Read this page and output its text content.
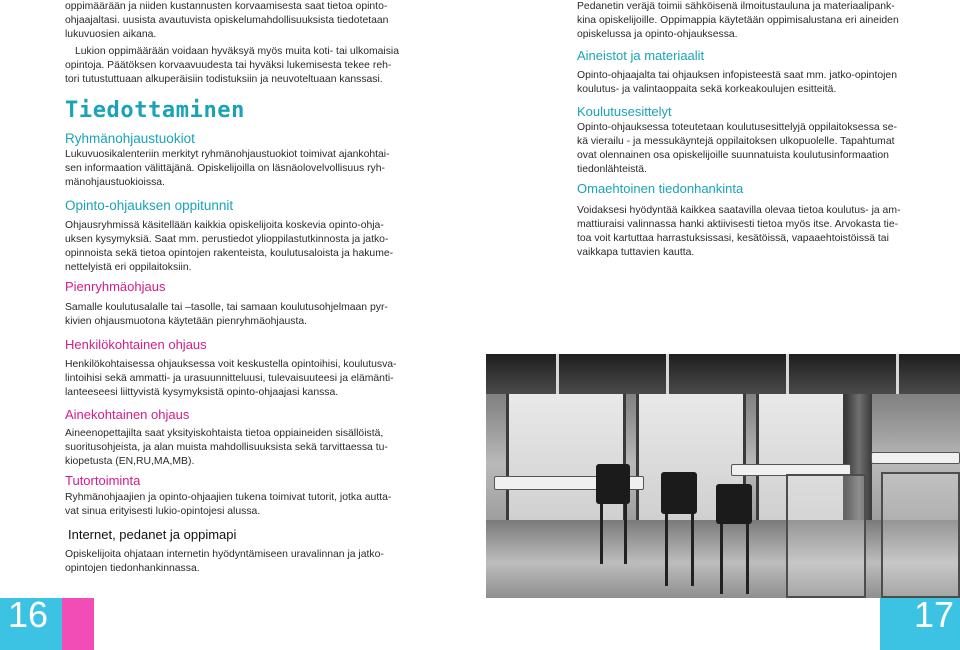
oppimäärään ja niiden kustannusten korvaamisesta saat tietoa opinto-
ohjaajaltasi. uusista avautuvista opiskelumahdollisuuksista tiedotetaan
lukuvuosien aikana.
Lukion oppimäärään voidaan hyväksyä myös muita koti- tai ulkomaisia
opintoja. Päätöksen korvaavuudesta tai hyväksi lukemisesta tekee reh-
tori tutustuttuaan alkuperäisiin todistuksiin ja neuvoteltuaan kanssasi.
Tiedottaminen
Ryhmänohjaustuokiot
Lukuvuosikalenteriin merkityt ryhmänohjaustuokiot toimivat ajankohtai-
sen informaation välittäjänä. Opiskelijoilla on läsnäolovelvollisuus ryh-
mänohjaustuokioissa.
Opinto-ohjauksen oppitunnit
Ohjausryhmissä käsitellään kaikkia opiskelijoita koskevia opinto-ohja-
uksen kysymyksiä. Saat mm. perustiedot ylioppilastutkinnosta ja jatko-
opinnoista sekä tietoa opintojen rakenteista, koulutusaloista ja hakume-
nettelyistä eri oppilaitoksiin.
Pienryhmäohjaus
Samalle koulutusalalle tai –tasolle, tai samaan koulutusohjelmaan pyr-
kivien ohjausmuotona käytetään pienryhmäohjausta.
Henkilökohtainen ohjaus
Henkilökohtaisessa ohjauksessa voit keskustella opintoihisi, koulutusva-
lintoihisi sekä ammatti- ja urasuunnitteluusi, tulevaisuuteesi ja elämänti-
lanteeseesi liittyvistä kysymyksistä opinto-ohjaajasi kanssa.
Ainekohtainen ohjaus
Aineenopettajilta saat yksityiskohtaista tietoa oppiaineiden sisällöistä,
suoritusohjeista, ja alan muista mahdollisuuksista sekä tarvittaessa tu-
kiopetusta (EN,RU,MA,MB).
Tutortoiminta
Ryhmänohjaajien ja opinto-ohjaajien tukena toimivat tutorit, jotka autta-
vat sinua erityisesti lukio-opintojesi alussa.
Internet, pedanet ja oppimapi
Opiskelijoita ohjataan internetin hyödyntämiseen uravalinnan ja jatko-
opintojen tiedonhankinnassa.
Pedanetin veräjä toimii sähköisenä ilmoitustauluna ja materiaalipank-
kina opiskelijoille. Oppimappia käytetään oppimisalustana eri aineiden
opiskelussa ja opinto-ohjauksessa.
Aineistot ja materiaalit
Opinto-ohjaajalta tai ohjauksen infopisteestä saat mm. jatko-opintojen
koulutus- ja valintaoppaita sekä korkeakoulujen esitteitä.
Koulutusesittelyt
Opinto-ohjauksessa toteutetaan koulutusesittelyjä oppilaitoksessa se-
kä vierailu - ja messukäyntejä oppilaitoksen ulkopuolelle. Tapahtumat
ovat olennainen osa opiskelijoille suunnatuista koulutusinformaation
tiedonlähteistä.
Omaehtoinen tiedonhankinta
Voidaksesi hyödyntää kaikkea saatavilla olevaa tietoa koulutus- ja am-
mattiuraisi valinnassa hanki aktiivisesti tietoa myös itse. Arvokasta tie-
toa voit kartuttaa harrastuksissasi, kesätöissä, vapaaehtoistöissä tai
vaikkapa tuttavien kautta.
16	17
